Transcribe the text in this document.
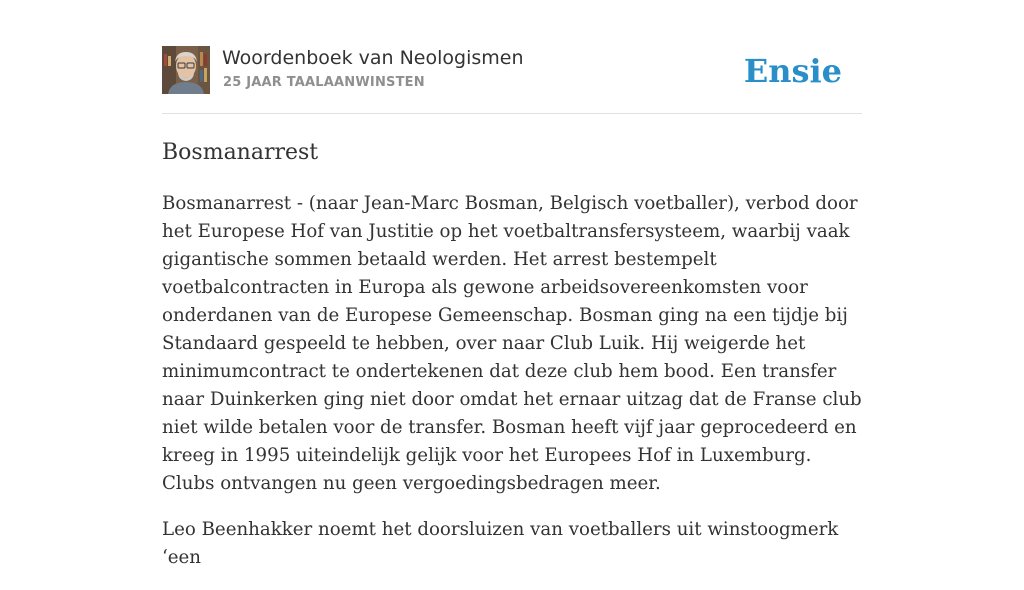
Woordenboek van Neologismen
25 JAAR TAALAANWINSTEN	Ensie
Bosmanarrest

Bosmanarrest - (naar Jean-Marc Bosman, Belgisch voetballer), verbod door het Europese Hof van Justitie op het voetbaltransfersysteem, waarbij vaak gigantische sommen betaald werden. Het arrest bestempelt voetbalcontracten in Europa als gewone arbeidsovereenkomsten voor onderdanen van de Europese Gemeenschap. Bosman ging na een tijdje bij Standaard gespeeld te hebben, over naar Club Luik. Hij weigerde het minimumcontract te ondertekenen dat deze club hem bood. Een transfer naar Duinkerken ging niet door omdat het ernaar uitzag dat de Franse club niet wilde betalen voor de transfer. Bosman heeft vijf jaar geprocedeerd en kreeg in 1995 uiteindelijk gelijk voor het Europees Hof in Luxemburg. Clubs ontvangen nu geen vergoedingsbedragen meer.

Leo Beenhakker noemt het doorsluizen van voetballers uit winstoogmerk ‘een
